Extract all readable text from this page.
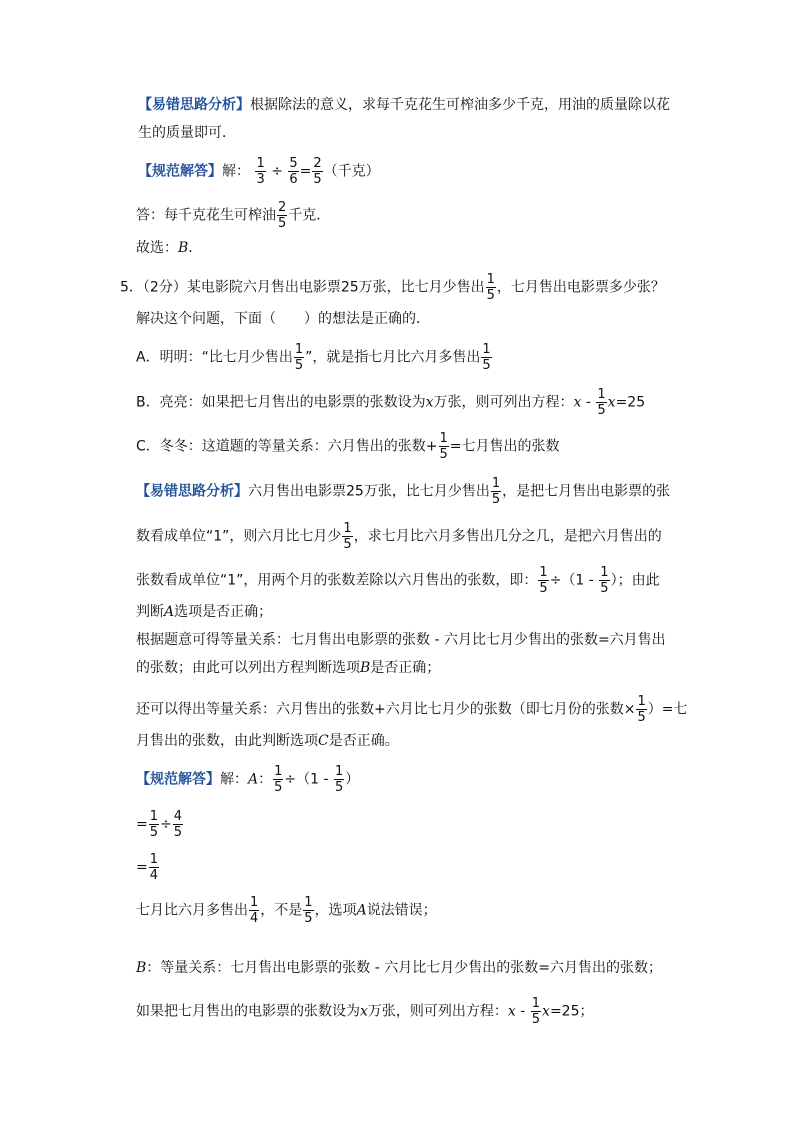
【易错思路分析】根据除法的意义，求每千克花生可榨油多少千克，用油的质量除以花
生的质量即可．
【规范解答】解： $\frac{1}{3} \div \frac{5}{6} = \frac{2}{5}$ （千克）
答：每千克花生可榨油 $\frac{2}{5}$ 千克．
故选：B．
5．（2分）某电影院六月售出电影票25万张，比七月少售出 $\frac{1}{5}$ ，七月售出电影票多少张？
解决这个问题，下面（　　）的想法是正确的．
A．明明：“比七月少售出 $\frac{1}{5}$ ”，就是指七月比六月多售出 $\frac{1}{5}$
B．亮亮：如果把七月售出的电影票的张数设为x万张，则可列出方程：$x - \frac{1}{5} x=25$
C．冬冬：这道题的等量关系：六月售出的张数+ $\frac{1}{5}$ =七月售出的张数
【易错思路分析】六月售出电影票25万张，比七月少售出 $\frac{1}{5}$ ，是把七月售出电影票的张
数看成单位“1”，则六月比七月少 $\frac{1}{5}$ ，求七月比六月多售出几分之几，是把六月售出的
张数看成单位“1”，用两个月的张数差除以六月售出的张数，即： $\frac{1}{5} \div(1 - \frac{1}{5}$ ）；由此
判断A选项是否正确；
根据题意可得等量关系：七月售出电影票的张数 - 六月比七月少售出的张数=六月售出
的张数；由此可以列出方程判断选项B是否正确；
还可以得出等量关系：六月售出的张数+六月比七月少的张数（即七月份的张数× $\frac{1}{5}$ ）=七
月售出的张数，由此判断选项C是否正确。
【规范解答】解：A： $\frac{1}{5} \div(1 - \frac{1}{5}$ ）
= $\frac{1}{5} \div \frac{4}{5}$
= $\frac{1}{4}$
七月比六月多售出 $\frac{1}{4}$ ，不是 $\frac{1}{5}$ ，选项A说法错误；
B：等量关系：七月售出电影票的张数 - 六月比七月少售出的张数=六月售出的张数；
如果把七月售出的电影票的张数设为x万张，则可列出方程：$x - \frac{1}{5} x=25$；
